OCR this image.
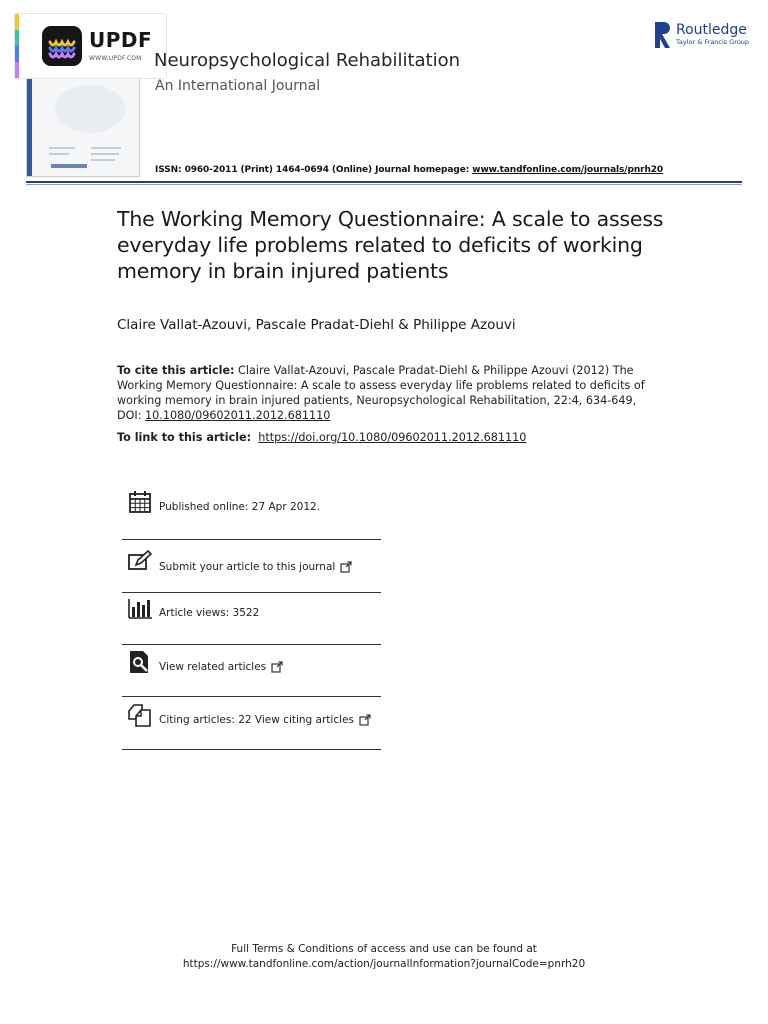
UPDF
WWW.UPDF.COM Neuropsychological Rehabilitation
An International Journal
ISSN: 0960-2011 (Print) 1464-0694 (Online) Journal homepage: www.tandfonline.com/journals/pnrh20
Routledge
Taylor & Francis Group
The Working Memory Questionnaire: A scale to assess everyday life problems related to deficits of working memory in brain injured patients
Claire Vallat-Azouvi, Pascale Pradat-Diehl & Philippe Azouvi
To cite this article: Claire Vallat-Azouvi, Pascale Pradat-Diehl & Philippe Azouvi (2012) The Working Memory Questionnaire: A scale to assess everyday life problems related to deficits of working memory in brain injured patients, Neuropsychological Rehabilitation, 22:4, 634-649, DOI: 10.1080/09602011.2012.681110
To link to this article: https://doi.org/10.1080/09602011.2012.681110
Published online: 27 Apr 2012.
Submit your article to this journal
Article views: 3522
View related articles
Citing articles: 22 View citing articles
Full Terms & Conditions of access and use can be found at
https://www.tandfonline.com/action/journalInformation?journalCode=pnrh20
